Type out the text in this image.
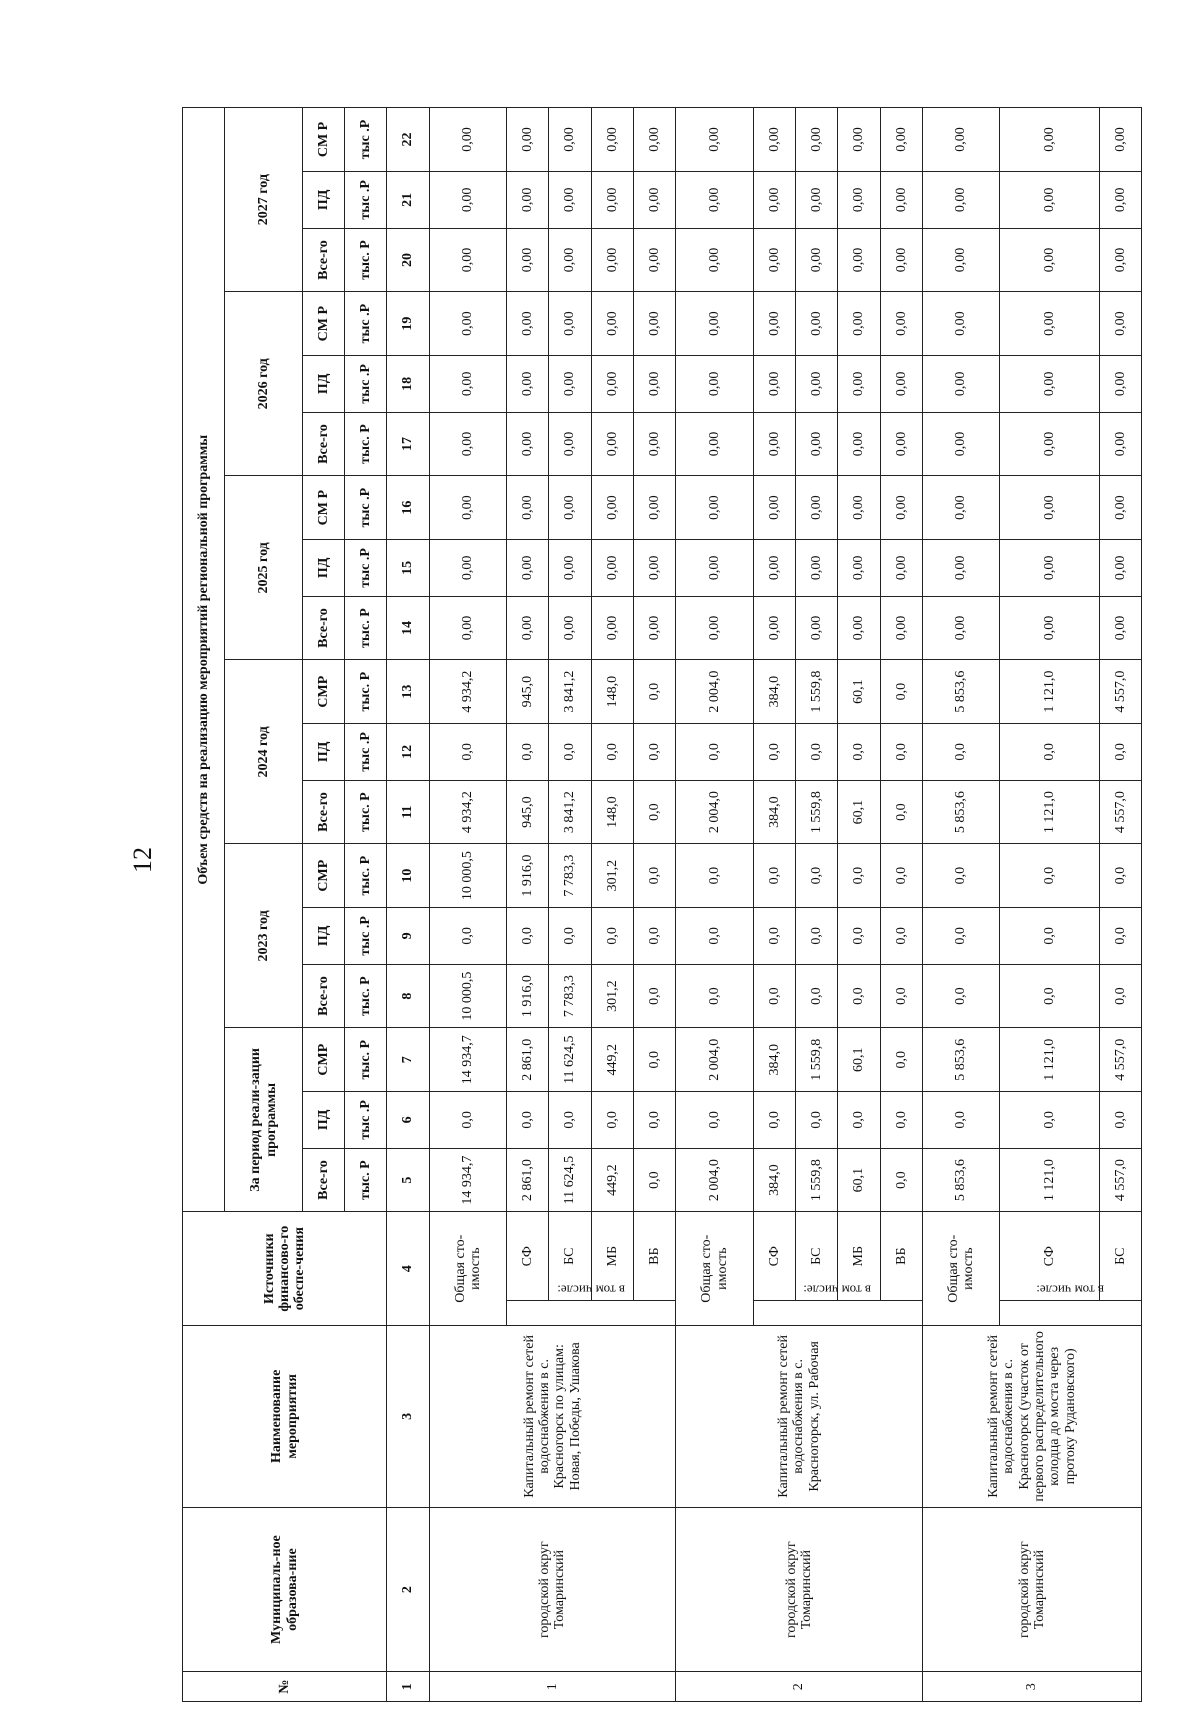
12
№	Муниципаль-ное образова-ние	Наименование мероприятия	Источники финансово-го обеспе-чения		Объем средств на реализацию мероприятий региональной программы																	
					За период реали-зации программы			2023 год			2024 год			2025 год			2026 год			2027 год		
					Все-го	ПД	СМР	Все-го	ПД	СМР	Все-го	ПД	СМР	Все-го	ПД	СМ Р	Все-го	ПД	СМ Р	Все-го	ПД	СМ Р
					тыс. Р	тыс .Р	тыс. Р	тыс. Р	тыс .Р	тыс. Р	тыс. Р	тыс .Р	тыс. Р	тыс. Р	тыс .Р	тыс .Р	тыс. Р	тыс .Р	тыс .Р	тыс. Р	тыс .Р	тыс .Р
1	2	3	4		5	6	7	8	9	10	11	12	13	14	15	16	17	18	19	20	21	22
1	городской округ Томаринский	Капитальный ремонт сетей водоснабжения в с. Красногорск по улицам: Новая, Победы, Ушакова	Общая сто-имость		14 934,7	0,0	14 934,7	10 000,5	0,0	10 000,5	4 934,2	0,0	4 934,2	0,00	0,00	0,00	0,00	0,00	0,00	0,00	0,00	0,00
			в том числе:	СФ	2 861,0	0,0	2 861,0	1 916,0	0,0	1 916,0	945,0	0,0	945,0	0,00	0,00	0,00	0,00	0,00	0,00	0,00	0,00	0,00
				БС	11 624,5	0,0	11 624,5	7 783,3	0,0	7 783,3	3 841,2	0,0	3 841,2	0,00	0,00	0,00	0,00	0,00	0,00	0,00	0,00	0,00
				МБ	449,2	0,0	449,2	301,2	0,0	301,2	148,0	0,0	148,0	0,00	0,00	0,00	0,00	0,00	0,00	0,00	0,00	0,00
				ВБ	0,0	0,0	0,0	0,0	0,0	0,0	0,0	0,0	0,0	0,00	0,00	0,00	0,00	0,00	0,00	0,00	0,00	0,00
2	городской округ Томаринский	Капитальный ремонт сетей водоснабжения в с. Красногорск, ул. Рабочая	Общая сто-имость		2 004,0	0,0	2 004,0	0,0	0,0	0,0	2 004,0	0,0	2 004,0	0,00	0,00	0,00	0,00	0,00	0,00	0,00	0,00	0,00
			в том числе:	СФ	384,0	0,0	384,0	0,0	0,0	0,0	384,0	0,0	384,0	0,00	0,00	0,00	0,00	0,00	0,00	0,00	0,00	0,00
				БС	1 559,8	0,0	1 559,8	0,0	0,0	0,0	1 559,8	0,0	1 559,8	0,00	0,00	0,00	0,00	0,00	0,00	0,00	0,00	0,00
				МБ	60,1	0,0	60,1	0,0	0,0	0,0	60,1	0,0	60,1	0,00	0,00	0,00	0,00	0,00	0,00	0,00	0,00	0,00
				ВБ	0,0	0,0	0,0	0,0	0,0	0,0	0,0	0,0	0,0	0,00	0,00	0,00	0,00	0,00	0,00	0,00	0,00	0,00
3	городской округ Томаринский	Капитальный ремонт сетей водоснабжения в с. Красногорск (участок от первого распределительного колодца до моста через протоку Рудановского)	Общая сто-имость		5 853,6	0,0	5 853,6	0,0	0,0	0,0	5 853,6	0,0	5 853,6	0,00	0,00	0,00	0,00	0,00	0,00	0,00	0,00	0,00
			в том числе:	СФ	1 121,0	0,0	1 121,0	0,0	0,0	0,0	1 121,0	0,0	1 121,0	0,00	0,00	0,00	0,00	0,00	0,00	0,00	0,00	0,00
				БС	4 557,0	0,0	4 557,0	0,0	0,0	0,0	4 557,0	0,0	4 557,0	0,00	0,00	0,00	0,00	0,00	0,00	0,00	0,00	0,00
